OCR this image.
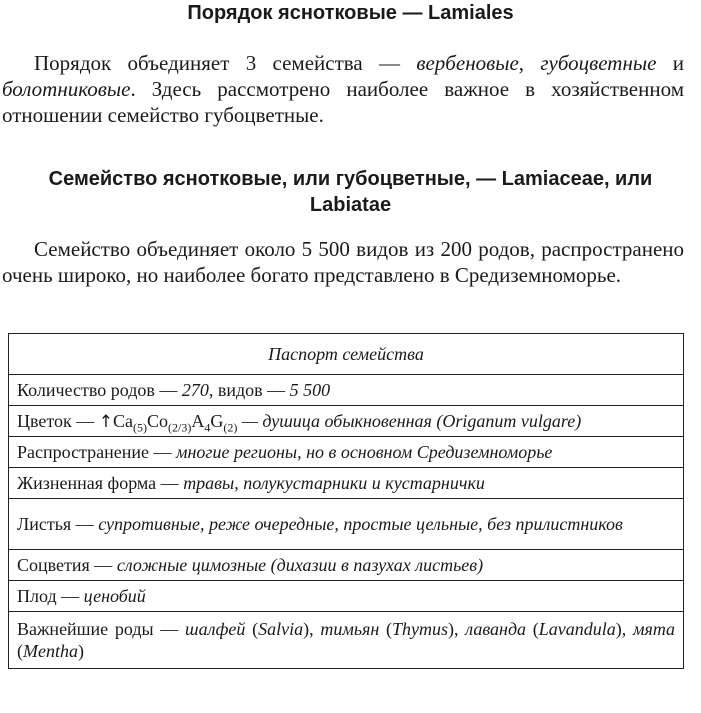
Порядок яснотковые — Lamiales
Порядок объединяет 3 семейства — вербеновые, губоцветные и болотниковые. Здесь рассмотрено наиболее важное в хозяйственном отношении семейство губоцветные.
Семейство яснотковые, или губоцветные, — Lamiaceae, или Labiatae
Семейство объединяет около 5 500 видов из 200 родов, распространено очень широко, но наиболее богато представлено в Средиземноморье.
Паспорт семейства
Количество родов — 270, видов — 5 500
Цветок — $↑Ca_{(5)}Co_{(2/3)}A_4G_{(2)}$ — душица обыкновенная (Origanum vulgare)
Распространение — многие регионы, но в основном Средиземноморье
Жизненная форма — травы, полукустарники и кустарнички
Листья — супротивные, реже очередные, простые цельные, без прилистников
Соцветия — сложные цимозные (дихазии в пазухах листьев)
Плод — ценобий
Важнейшие роды — шалфей (Salvia), тимьян (Thymus), лаванда (Lavandula), мята (Mentha)
